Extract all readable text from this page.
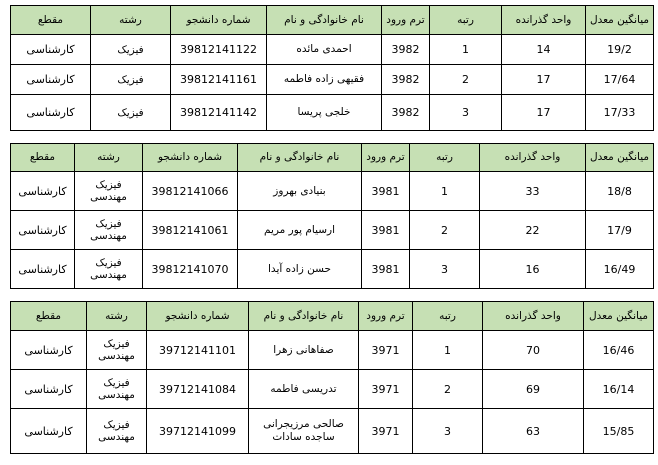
میانگین معدل	واحد گذرانده	رتبه	ترم ورود	نام خانوادگی و نام	شماره دانشجو	رشته	مقطع
19/2	14	1	3982	احمدی مائده	39812141122	فیزیک	کارشناسی
17/64	17	2	3982	فقیهی زاده فاطمه	39812141161	فیزیک	کارشناسی
17/33	17	3	3982	خلجی پریسا	39812141142	فیزیک	کارشناسی
میانگین معدل	واحد گذرانده	رتبه	ترم ورود	نام خانوادگی و نام	شماره دانشجو	رشته	مقطع
18/8	33	1	3981	بنیادی بهروز	39812141066	فیزیک مهندسی	کارشناسی
17/9	22	2	3981	ارسیام پور مریم	39812141061	فیزیک مهندسی	کارشناسی
16/49	16	3	3981	حسن زاده آیدا	39812141070	فیزیک مهندسی	کارشناسی
میانگین معدل	واحد گذرانده	رتبه	ترم ورود	نام خانوادگی و نام	شماره دانشجو	رشته	مقطع
16/46	70	1	3971	صفاهانی زهرا	39712141101	فیزیک مهندسی	کارشناسی
16/14	69	2	3971	تدریسی فاطمه	39712141084	فیزیک مهندسی	کارشناسی
15/85	63	3	3971	صالحی مرزیجرانی ساجده سادات	39712141099	فیزیک مهندسی	کارشناسی
